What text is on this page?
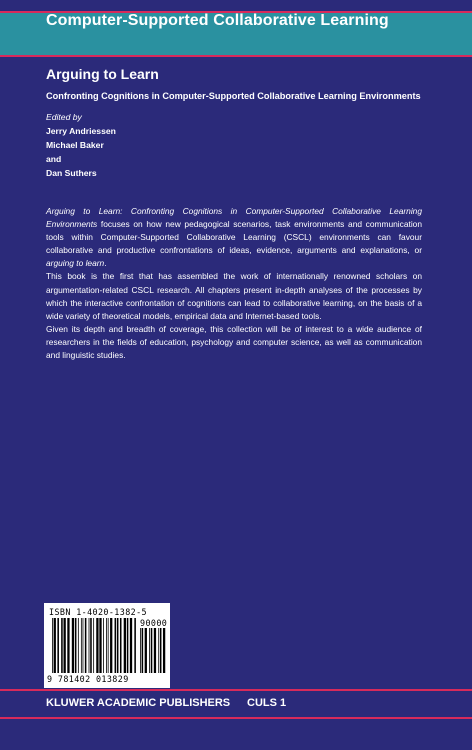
Computer-Supported Collaborative Learning
Arguing to Learn
Confronting Cognitions in Computer-Supported Collaborative Learning Environments
Edited by
Jerry Andriessen
Michael Baker
and
Dan Suthers

Arguing to Learn: Confronting Cognitions in Computer-Supported Collaborative Learning Environments focuses on how new pedagogical scenarios, task environments and communication tools within Computer-Supported Collaborative Learning (CSCL) environments can favour collaborative and productive confrontations of ideas, evidence, arguments and explanations, or arguing to learn.

This book is the first that has assembled the work of internationally renowned scholars on argumentation-related CSCL research. All chapters present in-depth analyses of the processes by which the interactive confrontation of cognitions can lead to collaborative learning, on the basis of a wide variety of theoretical models, empirical data and Internet-based tools.

Given its depth and breadth of coverage, this collection will be of interest to a wide audience of researchers in the fields of education, psychology and computer science, as well as communication and linguistic studies.

ISBN 1-4020-1382-5
90000
9 781402 013829
KLUWER ACADEMIC PUBLISHERS CULS 1
